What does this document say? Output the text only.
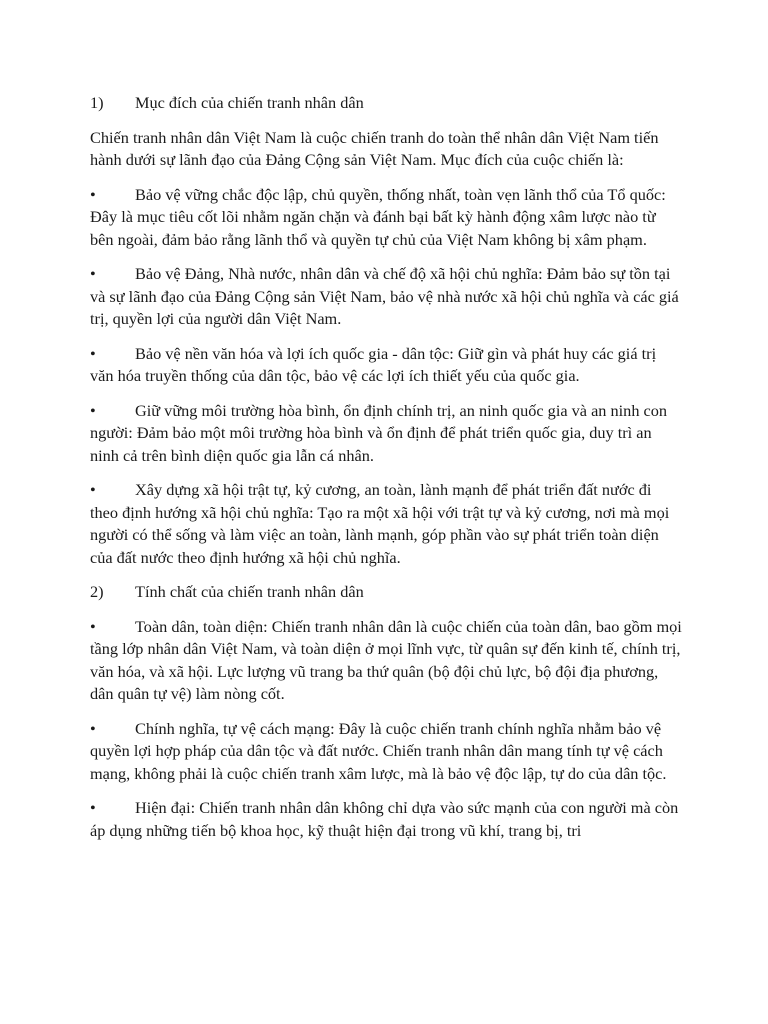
1)	Mục đích của chiến tranh nhân dân

Chiến tranh nhân dân Việt Nam là cuộc chiến tranh do toàn thể nhân dân Việt Nam tiến hành dưới sự lãnh đạo của Đảng Cộng sản Việt Nam. Mục đích của cuộc chiến là:

• Bảo vệ vững chắc độc lập, chủ quyền, thống nhất, toàn vẹn lãnh thổ của Tổ quốc: Đây là mục tiêu cốt lõi nhằm ngăn chặn và đánh bại bất kỳ hành động xâm lược nào từ bên ngoài, đảm bảo rằng lãnh thổ và quyền tự chủ của Việt Nam không bị xâm phạm.

• Bảo vệ Đảng, Nhà nước, nhân dân và chế độ xã hội chủ nghĩa: Đảm bảo sự tồn tại và sự lãnh đạo của Đảng Cộng sản Việt Nam, bảo vệ nhà nước xã hội chủ nghĩa và các giá trị, quyền lợi của người dân Việt Nam.

• Bảo vệ nền văn hóa và lợi ích quốc gia - dân tộc: Giữ gìn và phát huy các giá trị văn hóa truyền thống của dân tộc, bảo vệ các lợi ích thiết yếu của quốc gia.

• Giữ vững môi trường hòa bình, ổn định chính trị, an ninh quốc gia và an ninh con người: Đảm bảo một môi trường hòa bình và ổn định để phát triển quốc gia, duy trì an ninh cả trên bình diện quốc gia lẫn cá nhân.

• Xây dựng xã hội trật tự, kỷ cương, an toàn, lành mạnh để phát triển đất nước đi theo định hướng xã hội chủ nghĩa: Tạo ra một xã hội với trật tự và kỷ cương, nơi mà mọi người có thể sống và làm việc an toàn, lành mạnh, góp phần vào sự phát triển toàn diện của đất nước theo định hướng xã hội chủ nghĩa.

2)	Tính chất của chiến tranh nhân dân

• Toàn dân, toàn diện: Chiến tranh nhân dân là cuộc chiến của toàn dân, bao gồm mọi tầng lớp nhân dân Việt Nam, và toàn diện ở mọi lĩnh vực, từ quân sự đến kinh tế, chính trị, văn hóa, và xã hội. Lực lượng vũ trang ba thứ quân (bộ đội chủ lực, bộ đội địa phương, dân quân tự vệ) làm nòng cốt.

• Chính nghĩa, tự vệ cách mạng: Đây là cuộc chiến tranh chính nghĩa nhằm bảo vệ quyền lợi hợp pháp của dân tộc và đất nước. Chiến tranh nhân dân mang tính tự vệ cách mạng, không phải là cuộc chiến tranh xâm lược, mà là bảo vệ độc lập, tự do của dân tộc.

• Hiện đại: Chiến tranh nhân dân không chỉ dựa vào sức mạnh của con người mà còn áp dụng những tiến bộ khoa học, kỹ thuật hiện đại trong vũ khí, trang bị, tri
